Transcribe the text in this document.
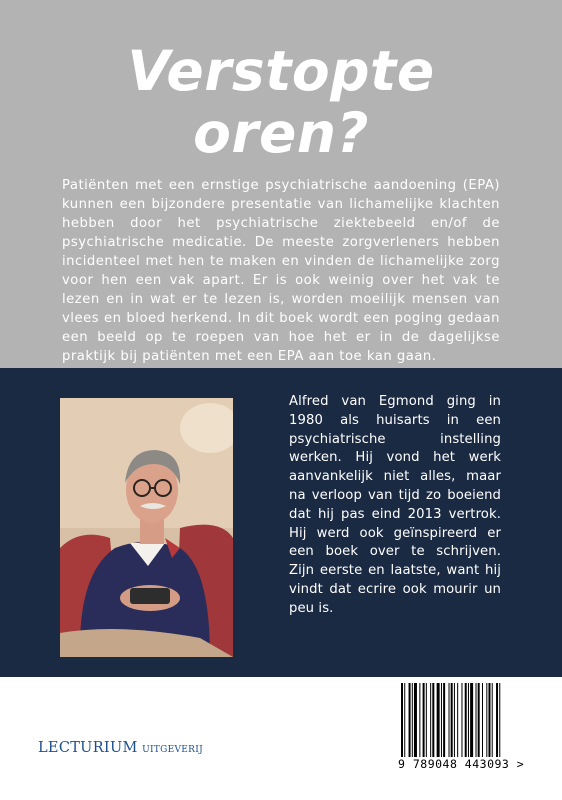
Verstopte
oren?

Patiënten met een ernstige psychiatrische aandoening (EPA) kunnen een bijzondere presentatie van lichamelijke klachten hebben door het psychiatrische ziektebeeld en/of de psychiatrische medicatie. De meeste zorgverleners hebben incidenteel met hen te maken en vinden de lichamelijke zorg voor hen een vak apart. Er is ook weinig over het vak te lezen en in wat er te lezen is, worden moeilijk mensen van vlees en bloed herkend. In dit boek wordt een poging gedaan een beeld op te roepen van hoe het er in de dagelijkse praktijk bij patiënten met een EPA aan toe kan gaan.

Alfred van Egmond ging in 1980 als huisarts in een psychiatrische instelling werken. Hij vond het werk aanvankelijk niet alles, maar na verloop van tijd zo boeiend dat hij pas eind 2013 vertrok. Hij werd ook geïnspireerd er een boek over te schrijven. Zijn eerste en laatste, want hij vindt dat ecrire ook mourir un peu is.

LECTURIUM uitgeverij
9 789048 443093 >
